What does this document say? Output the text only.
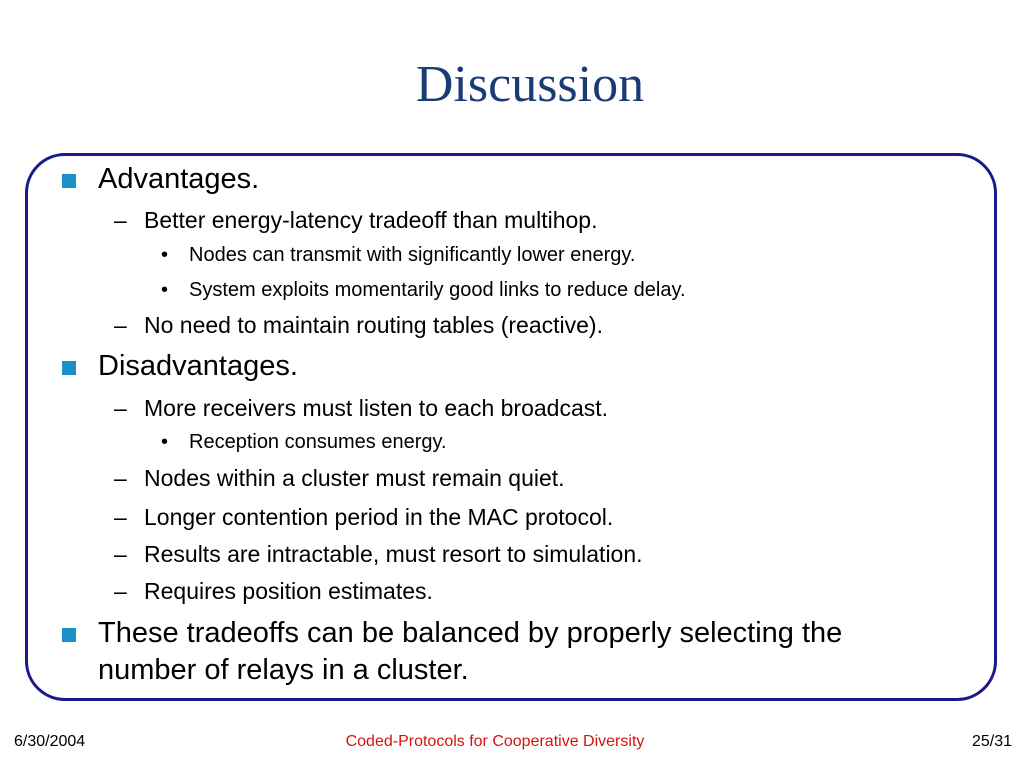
Discussion
Advantages.
– Better energy-latency tradeoff than multihop.
• Nodes can transmit with significantly lower energy.
• System exploits momentarily good links to reduce delay.
– No need to maintain routing tables (reactive).
Disadvantages.
– More receivers must listen to each broadcast.
• Reception consumes energy.
– Nodes within a cluster must remain quiet.
– Longer contention period in the MAC protocol.
– Results are intractable, must resort to simulation.
– Requires position estimates.
These tradeoffs can be balanced by properly selecting the
number of relays in a cluster.
6/30/2004	Coded-Protocols for Cooperative Diversity	25/31
